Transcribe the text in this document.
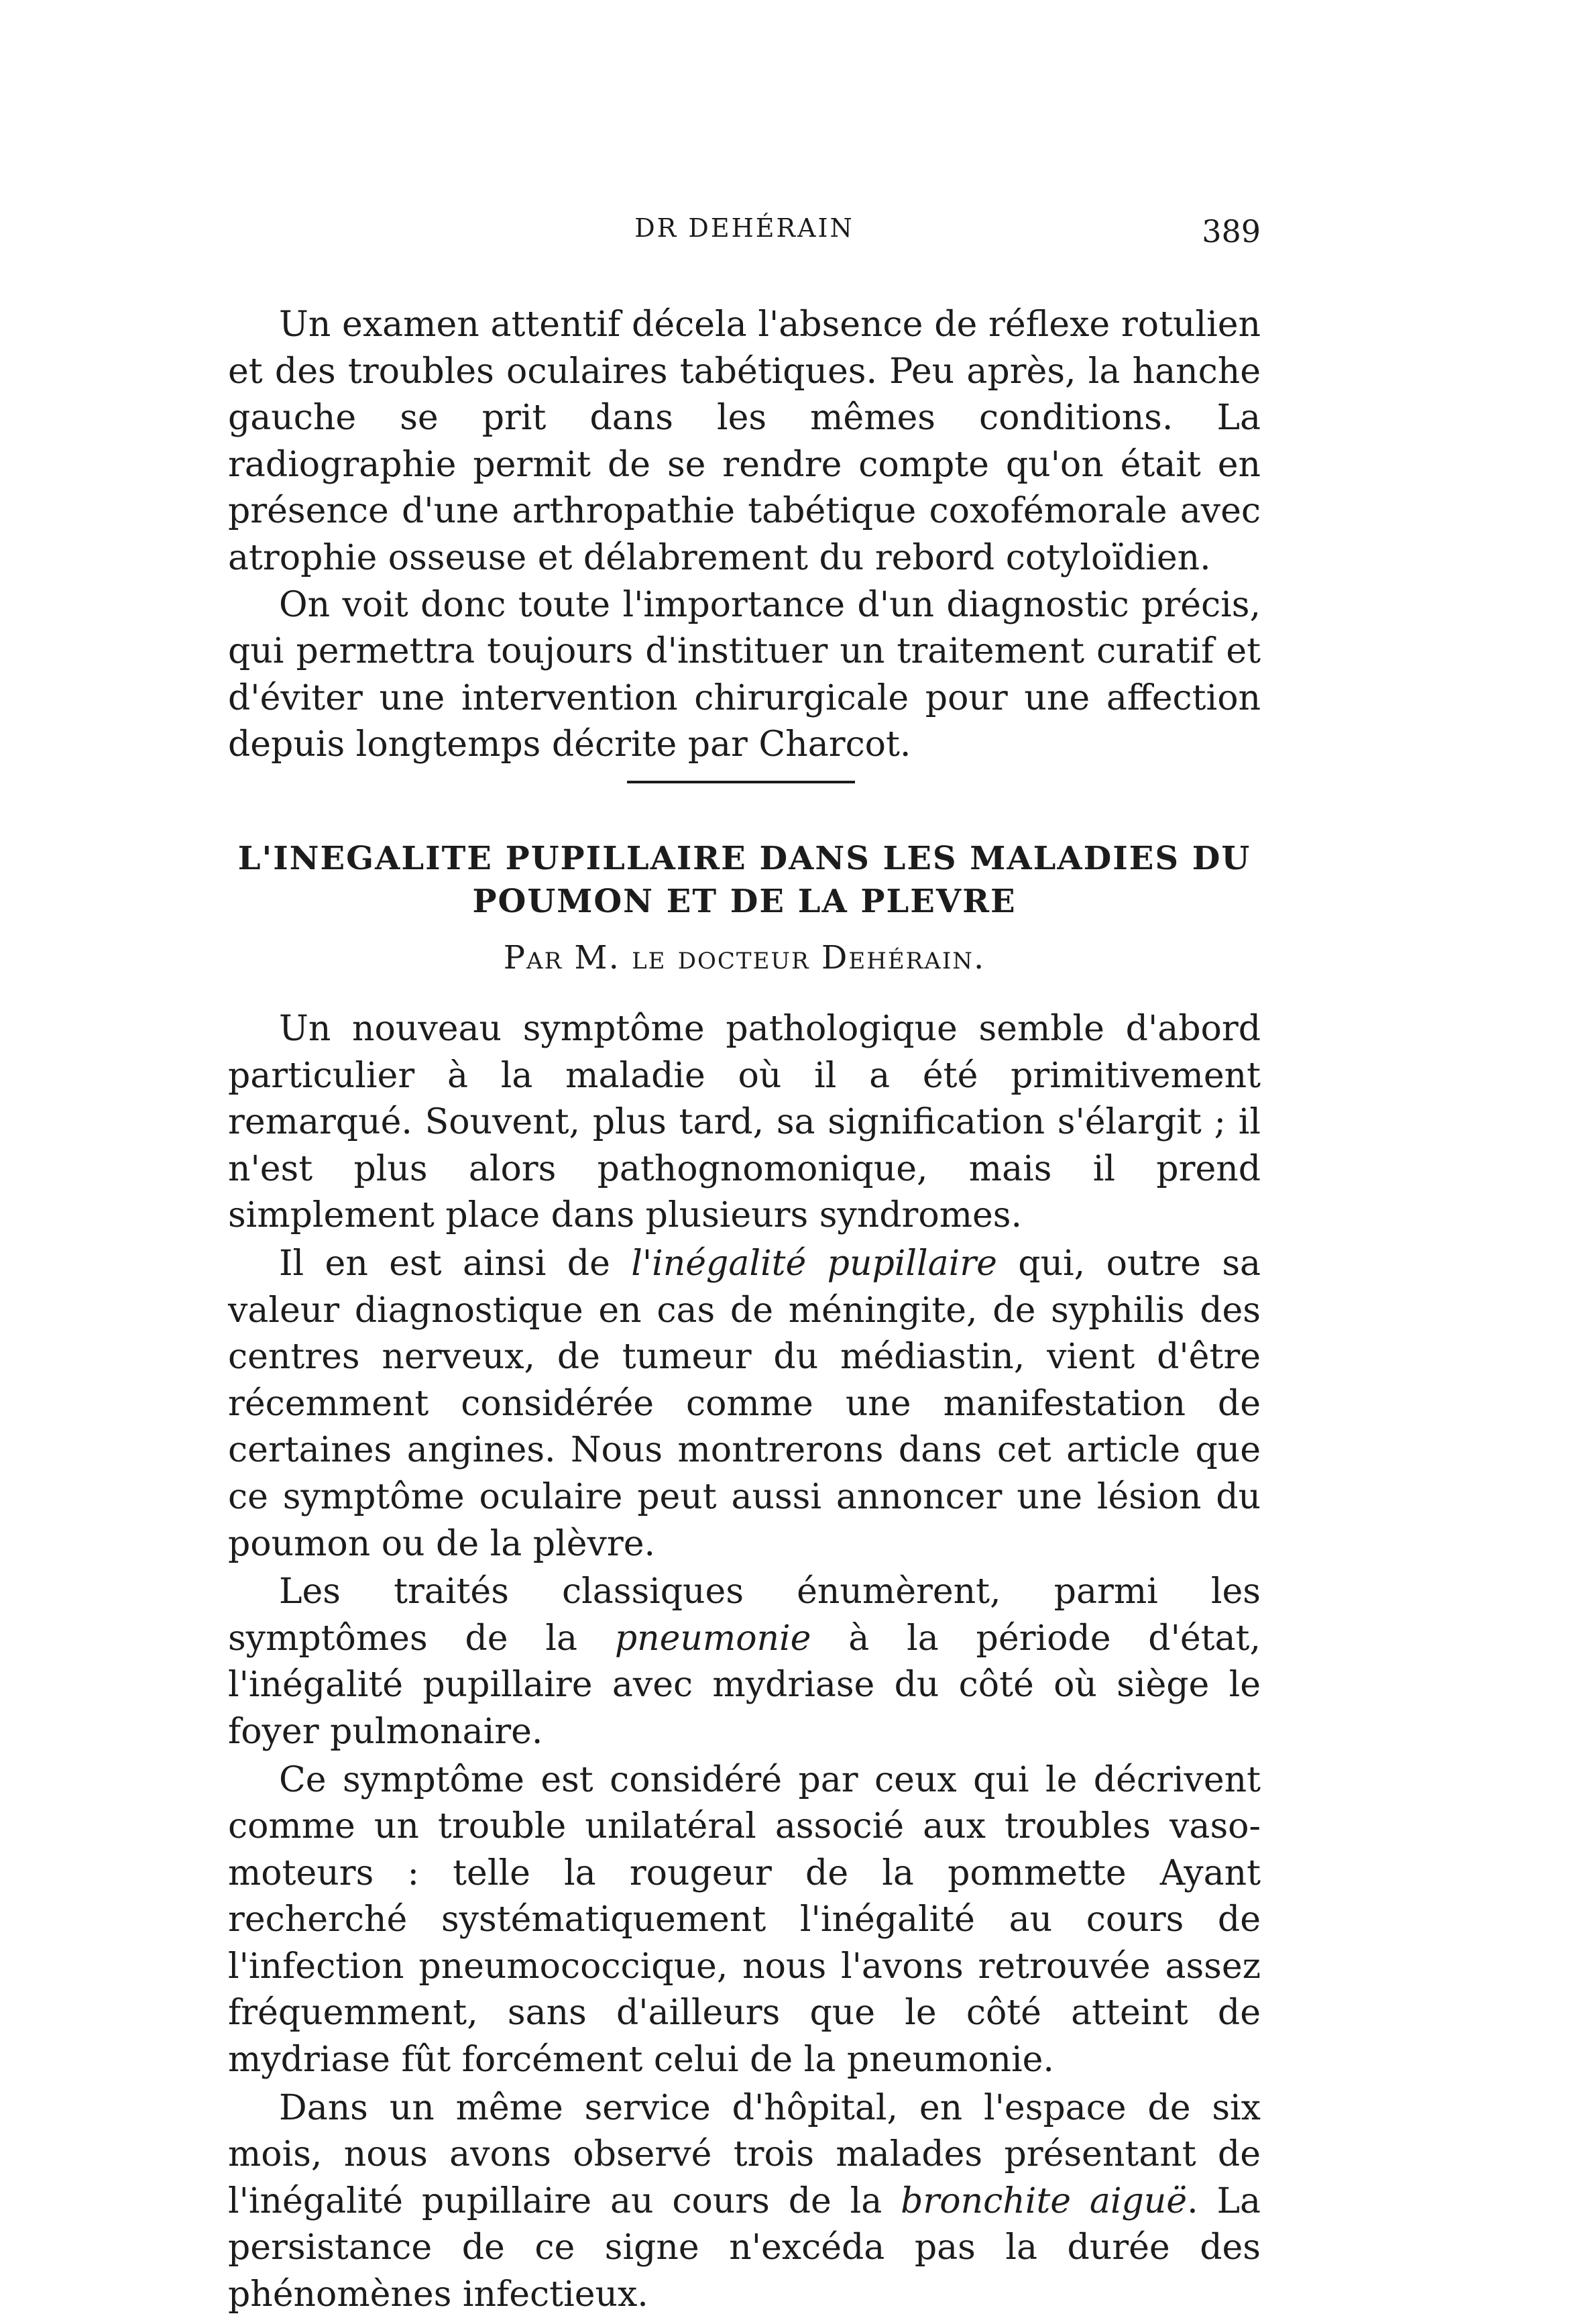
DR DEHÉRAIN	389

Un examen attentif décela l'absence de réflexe rotulien et des troubles oculaires tabétiques. Peu après, la hanche gauche se prit dans les mêmes conditions. La radiographie permit de se rendre compte qu'on était en présence d'une arthropathie tabétique coxofémorale avec atrophie osseuse et délabrement du rebord cotyloïdien.

On voit donc toute l'importance d'un diagnostic précis, qui permettra toujours d'instituer un traitement curatif et d'éviter une intervention chirurgicale pour une affection depuis longtemps décrite par Charcot.

L'INEGALITE PUPILLAIRE DANS LES MALADIES DU
POUMON ET DE LA PLEVRE
Par M. le docteur Dehérain.

Un nouveau symptôme pathologique semble d'abord particulier à la maladie où il a été primitivement remarqué. Souvent, plus tard, sa signification s'élargit ; il n'est plus alors pathognomonique, mais il prend simplement place dans plusieurs syndromes.

Il en est ainsi de l'inégalité pupillaire qui, outre sa valeur diagnostique en cas de méningite, de syphilis des centres nerveux, de tumeur du médiastin, vient d'être récemment considérée comme une manifestation de certaines angines. Nous montrerons dans cet article que ce symptôme oculaire peut aussi annoncer une lésion du poumon ou de la plèvre.

Les traités classiques énumèrent, parmi les symptômes de la pneumonie à la période d'état, l'inégalité pupillaire avec mydriase du côté où siège le foyer pulmonaire.

Ce symptôme est considéré par ceux qui le décrivent comme un trouble unilatéral associé aux troubles vaso-moteurs : telle la rougeur de la pommette Ayant recherché systématiquement l'inégalité au cours de l'infection pneumococcique, nous l'avons retrouvée assez fréquemment, sans d'ailleurs que le côté atteint de mydriase fût forcément celui de la pneumonie.

Dans un même service d'hôpital, en l'espace de six mois, nous avons observé trois malades présentant de l'inégalité pupillaire au cours de la bronchite aiguë. La persistance de ce signe n'excéda pas la durée des phénomènes infectieux.
